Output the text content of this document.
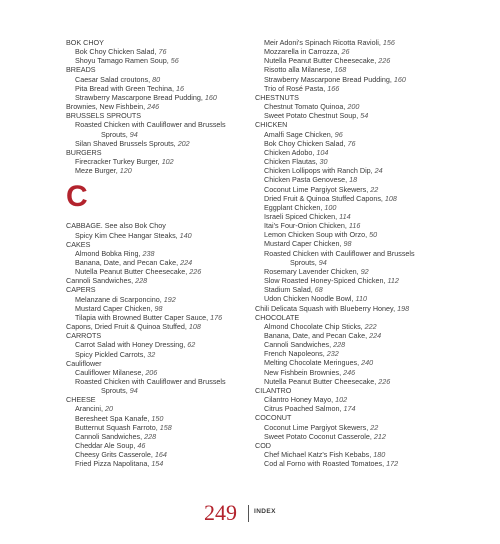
BOK CHOY
Bok Choy Chicken Salad, 76
Shoyu Tamago Ramen Soup, 56
BREADS
Caesar Salad croutons, 80
Pita Bread with Green Techina, 16
Strawberry Mascarpone Bread Pudding, 160
Brownies, New Fishbein, 246
BRUSSELS SPROUTS
Roasted Chicken with Cauliflower and Brussels
Sprouts, 94
Silan Shaved Brussels Sprouts, 202
BURGERS
Firecracker Turkey Burger, 102
Meze Burger, 120
C
CABBAGE. See also Bok Choy
Spicy Kim Chee Hangar Steaks, 140
CAKES
Almond Bobka Ring, 238
Banana, Date, and Pecan Cake, 224
Nutella Peanut Butter Cheesecake, 226
Cannoli Sandwiches, 228
CAPERS
Melanzane di Scarponcino, 192
Mustard Caper Chicken, 98
Tilapia with Browned Butter Caper Sauce, 176
Capons, Dried Fruit & Quinoa Stuffed, 108
CARROTS
Carrot Salad with Honey Dressing, 62
Spicy Pickled Carrots, 32
Cauliflower
Cauliflower Milanese, 206
Roasted Chicken with Cauliflower and Brussels
Sprouts, 94
CHEESE
Arancini, 20
Beresheet Spa Kanafe, 150
Butternut Squash Farroto, 158
Cannoli Sandwiches, 228
Cheddar Ale Soup, 46
Cheesy Grits Casserole, 164
Fried Pizza Napolitana, 154
Meir Adoni's Spinach Ricotta Ravioli, 156
Mozzarella in Carrozza, 26
Nutella Peanut Butter Cheesecake, 226
Risotto alla Milanese, 168
Strawberry Mascarpone Bread Pudding, 160
Trio of Rosé Pasta, 166
CHESTNUTS
Chestnut Tomato Quinoa, 200
Sweet Potato Chestnut Soup, 54
CHICKEN
Amalfi Sage Chicken, 96
Bok Choy Chicken Salad, 76
Chicken Adobo, 104
Chicken Flautas, 30
Chicken Lollipops with Ranch Dip, 24
Chicken Pasta Genovese, 18
Coconut Lime Pargiyot Skewers, 22
Dried Fruit & Quinoa Stuffed Capons, 108
Eggplant Chicken, 100
Israeli Spiced Chicken, 114
Itai's Four-Onion Chicken, 116
Lemon Chicken Soup with Orzo, 50
Mustard Caper Chicken, 98
Roasted Chicken with Cauliflower and Brussels
Sprouts, 94
Rosemary Lavender Chicken, 92
Slow Roasted Honey-Spiced Chicken, 112
Stadium Salad, 68
Udon Chicken Noodle Bowl, 110
Chili Delicata Squash with Blueberry Honey, 198
CHOCOLATE
Almond Chocolate Chip Sticks, 222
Banana, Date, and Pecan Cake, 224
Cannoli Sandwiches, 228
French Napoleons, 232
Melting Chocolate Meringues, 240
New Fishbein Brownies, 246
Nutella Peanut Butter Cheesecake, 226
CILANTRO
Cilantro Honey Mayo, 102
Citrus Poached Salmon, 174
COCONUT
Coconut Lime Pargiyot Skewers, 22
Sweet Potato Coconut Casserole, 212
COD
Chef Michael Katz's Fish Kebabs, 180
Cod al Forno with Roasted Tomatoes, 172
249	INDEX
